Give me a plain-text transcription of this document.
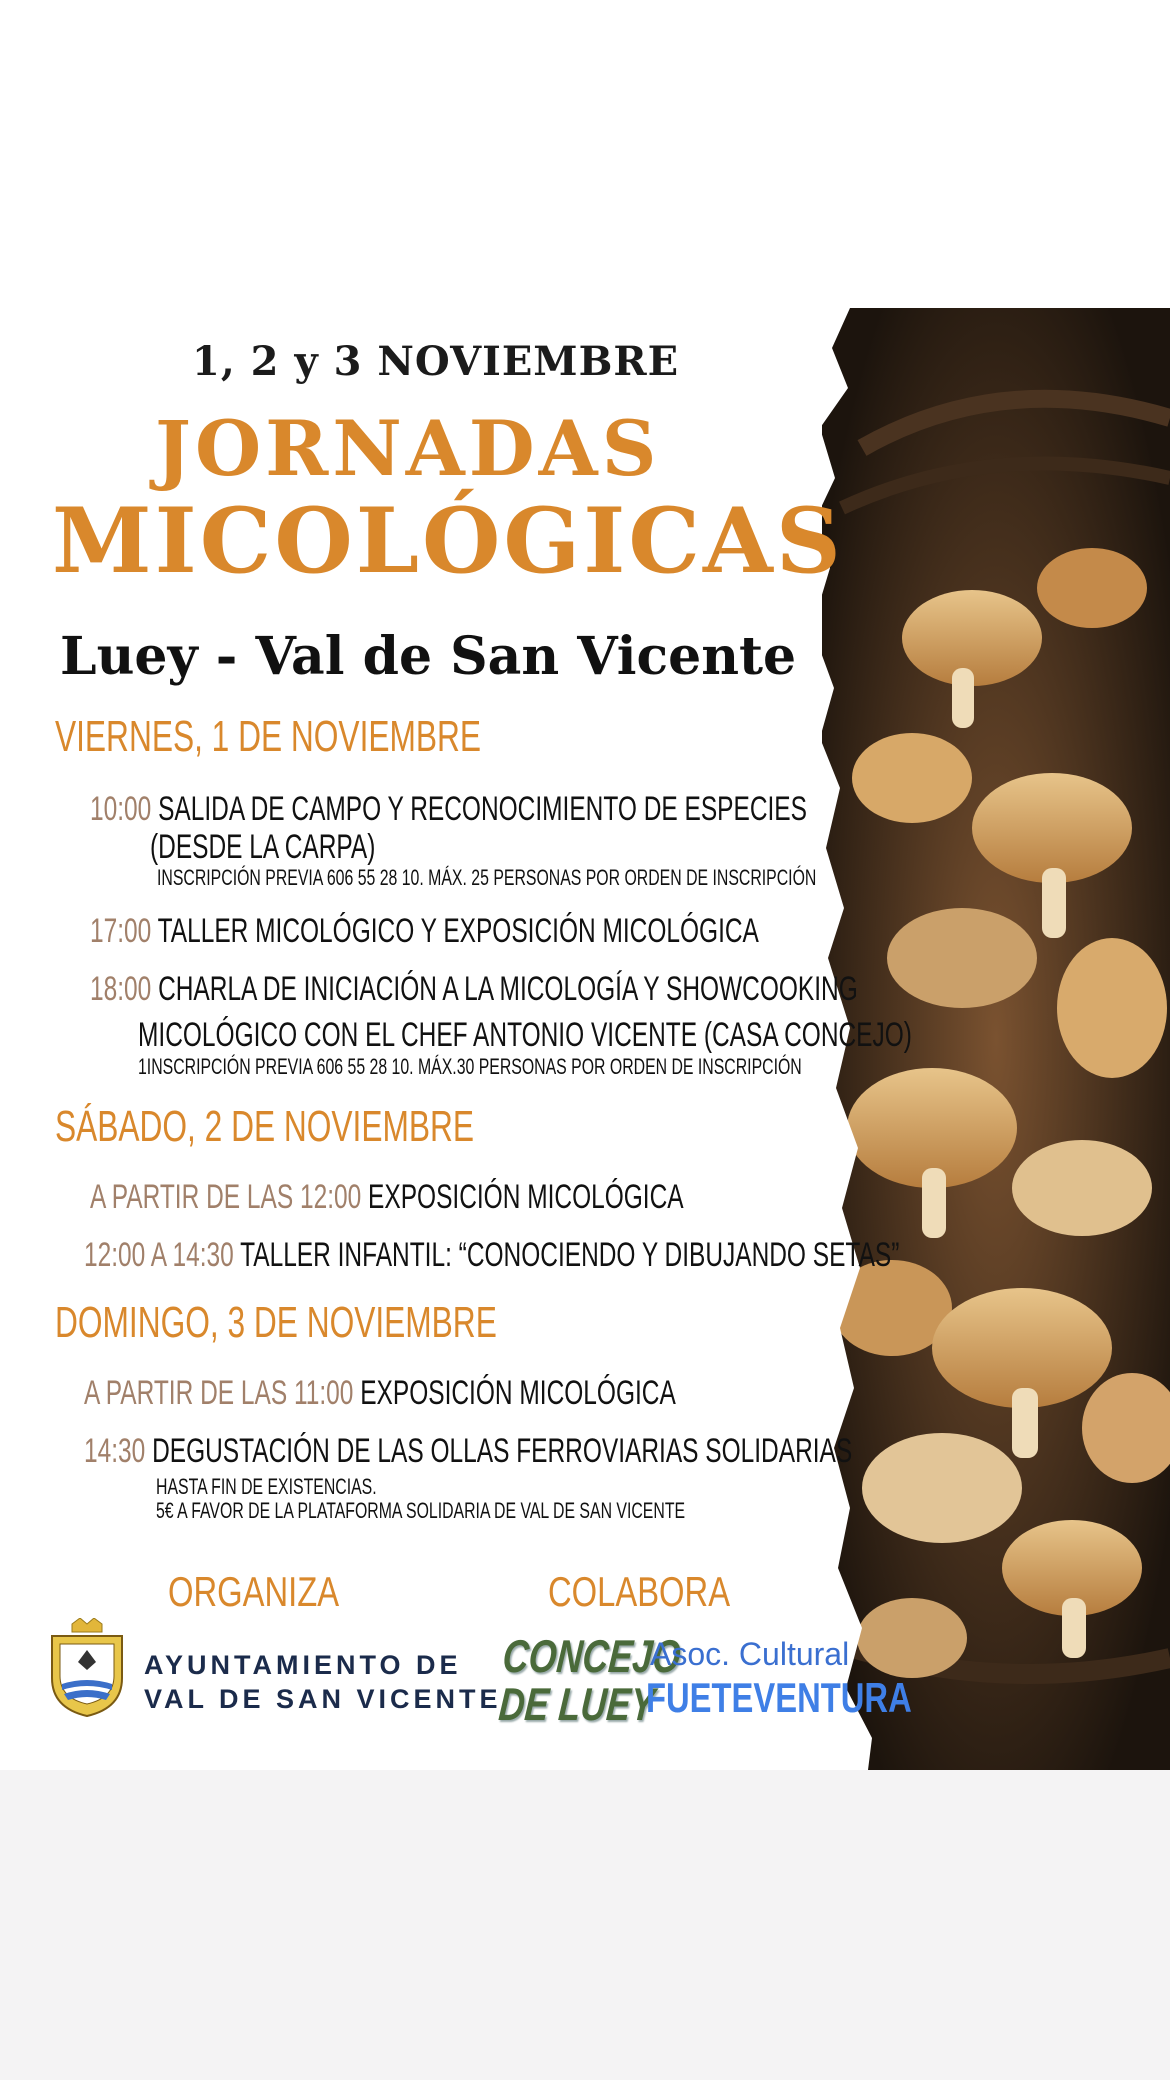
1, 2 y 3 NOVIEMBRE
JORNADAS
MICOLÓGICAS
Luey - Val de San Vicente
VIERNES, 1 DE NOVIEMBRE
10:00 SALIDA DE CAMPO Y RECONOCIMIENTO DE ESPECIES
(DESDE LA CARPA)
INSCRIPCIÓN PREVIA 606 55 28 10. MÁX. 25 PERSONAS POR ORDEN DE INSCRIPCIÓN
17:00 TALLER MICOLÓGICO Y EXPOSICIÓN MICOLÓGICA
18:00 CHARLA DE INICIACIÓN A LA MICOLOGÍA Y SHOWCOOKING
MICOLÓGICO CON EL CHEF ANTONIO VICENTE (CASA CONCEJO)
1INSCRIPCIÓN PREVIA 606 55 28 10. MÁX.30 PERSONAS POR ORDEN DE INSCRIPCIÓN
SÁBADO, 2 DE NOVIEMBRE
A PARTIR DE LAS 12:00 EXPOSICIÓN MICOLÓGICA
12:00 A 14:30 TALLER INFANTIL: “CONOCIENDO Y DIBUJANDO SETAS”
DOMINGO, 3 DE NOVIEMBRE
A PARTIR DE LAS 11:00 EXPOSICIÓN MICOLÓGICA
14:30 DEGUSTACIÓN DE LAS OLLAS FERROVIARIAS SOLIDARIAS
HASTA FIN DE EXISTENCIAS.
5€ A FAVOR DE LA PLATAFORMA SOLIDARIA DE VAL DE SAN VICENTE
ORGANIZA	COLABORA
AYUNTAMIENTO DE
VAL DE SAN VICENTE
CONCEJO
DE LUEY
Asoc. Cultural
FUETEVENTURA
